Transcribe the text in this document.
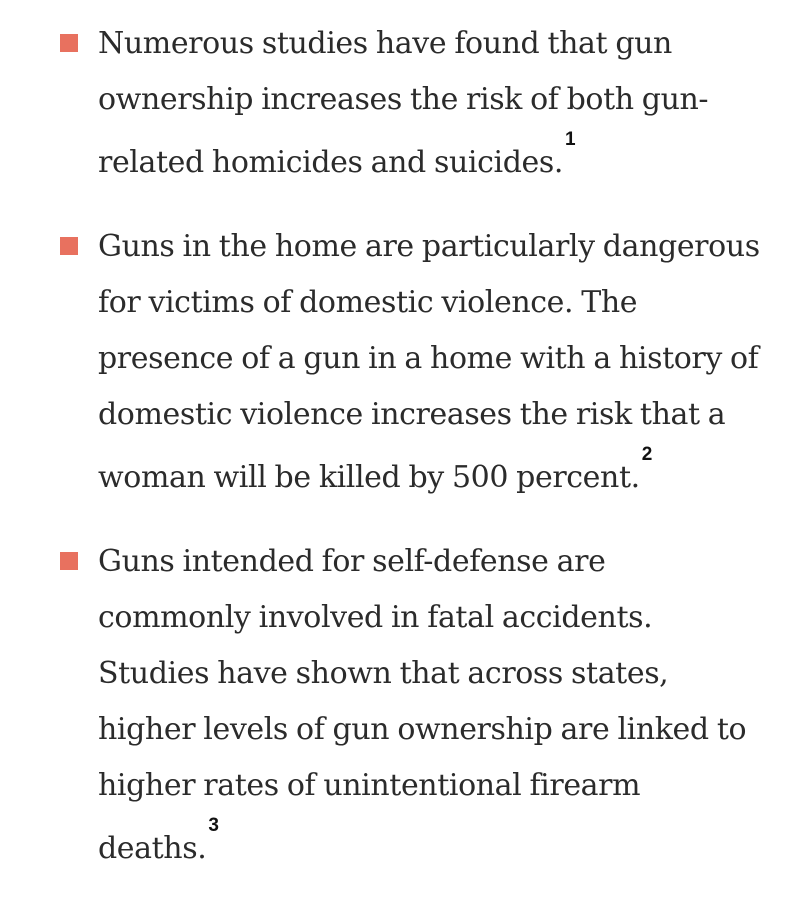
Numerous studies have found that gun ownership increases the risk of both gun-related homicides and suicides.$^1$

Guns in the home are particularly dangerous for victims of domestic violence. The presence of a gun in a home with a history of domestic violence increases the risk that a woman will be killed by 500 percent.$^2$

Guns intended for self-defense are commonly involved in fatal accidents. Studies have shown that across states, higher levels of gun ownership are linked to higher rates of unintentional firearm deaths.$^3$
